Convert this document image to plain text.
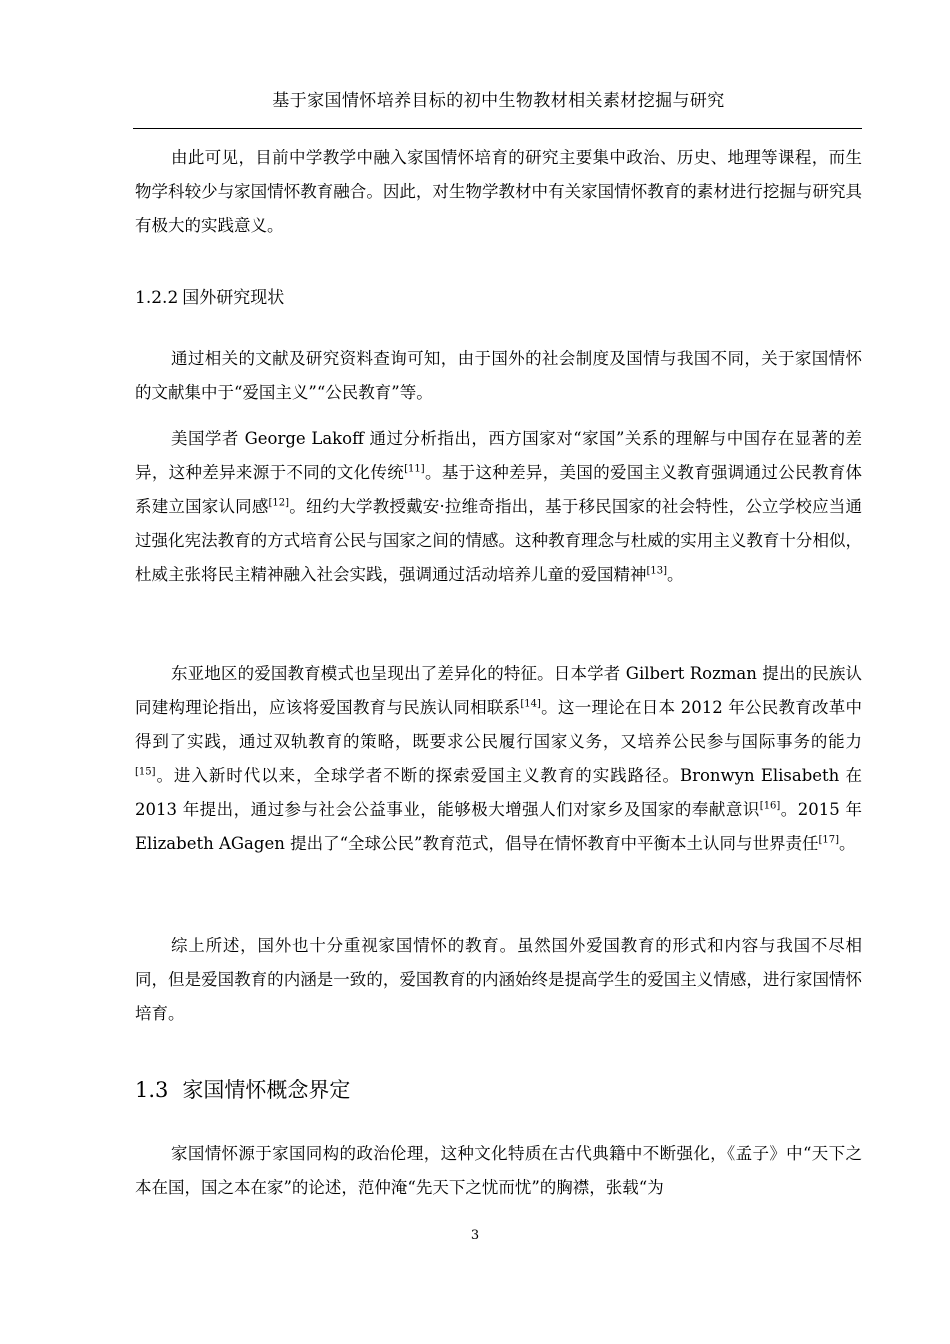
基于家国情怀培养目标的初中生物教材相关素材挖掘与研究

由此可见，目前中学教学中融入家国情怀培育的研究主要集中政治、历史、地理等课程，而生物学科较少与家国情怀教育融合。因此，对生物学教材中有关家国情怀教育的素材进行挖掘与研究具有极大的实践意义。

1.2.2 国外研究现状

通过相关的文献及研究资料查询可知，由于国外的社会制度及国情与我国不同，关于家国情怀的文献集中于“爱国主义”“公民教育”等。

美国学者 George Lakoff 通过分析指出，西方国家对“家国”关系的理解与中国存在显著的差异，这种差异来源于不同的文化传统[11]。基于这种差异，美国的爱国主义教育强调通过公民教育体系建立国家认同感[12]。纽约大学教授戴安·拉维奇指出，基于移民国家的社会特性，公立学校应当通过强化宪法教育的方式培育公民与国家之间的情感。这种教育理念与杜威的实用主义教育十分相似，杜威主张将民主精神融入社会实践，强调通过活动培养儿童的爱国精神[13]。

东亚地区的爱国教育模式也呈现出了差异化的特征。日本学者 Gilbert Rozman 提出的民族认同建构理论指出，应该将爱国教育与民族认同相联系[14]。这一理论在日本 2012 年公民教育改革中得到了实践，通过双轨教育的策略，既要求公民履行国家义务，又培养公民参与国际事务的能力[15]。进入新时代以来，全球学者不断的探索爱国主义教育的实践路径。Bronwyn Elisabeth 在 2013 年提出，通过参与社会公益事业，能够极大增强人们对家乡及国家的奉献意识[16]。2015 年 Elizabeth AGagen 提出了“全球公民”教育范式，倡导在情怀教育中平衡本土认同与世界责任[17]。

综上所述，国外也十分重视家国情怀的教育。虽然国外爱国教育的形式和内容与我国不尽相同，但是爱国教育的内涵是一致的，爱国教育的内涵始终是提高学生的爱国主义情感，进行家国情怀培育。

1.3 家国情怀概念界定

家国情怀源于家国同构的政治伦理，这种文化特质在古代典籍中不断强化，《孟子》中“天下之本在国，国之本在家”的论述，范仲淹“先天下之忧而忧”的胸襟，张载“为

3
